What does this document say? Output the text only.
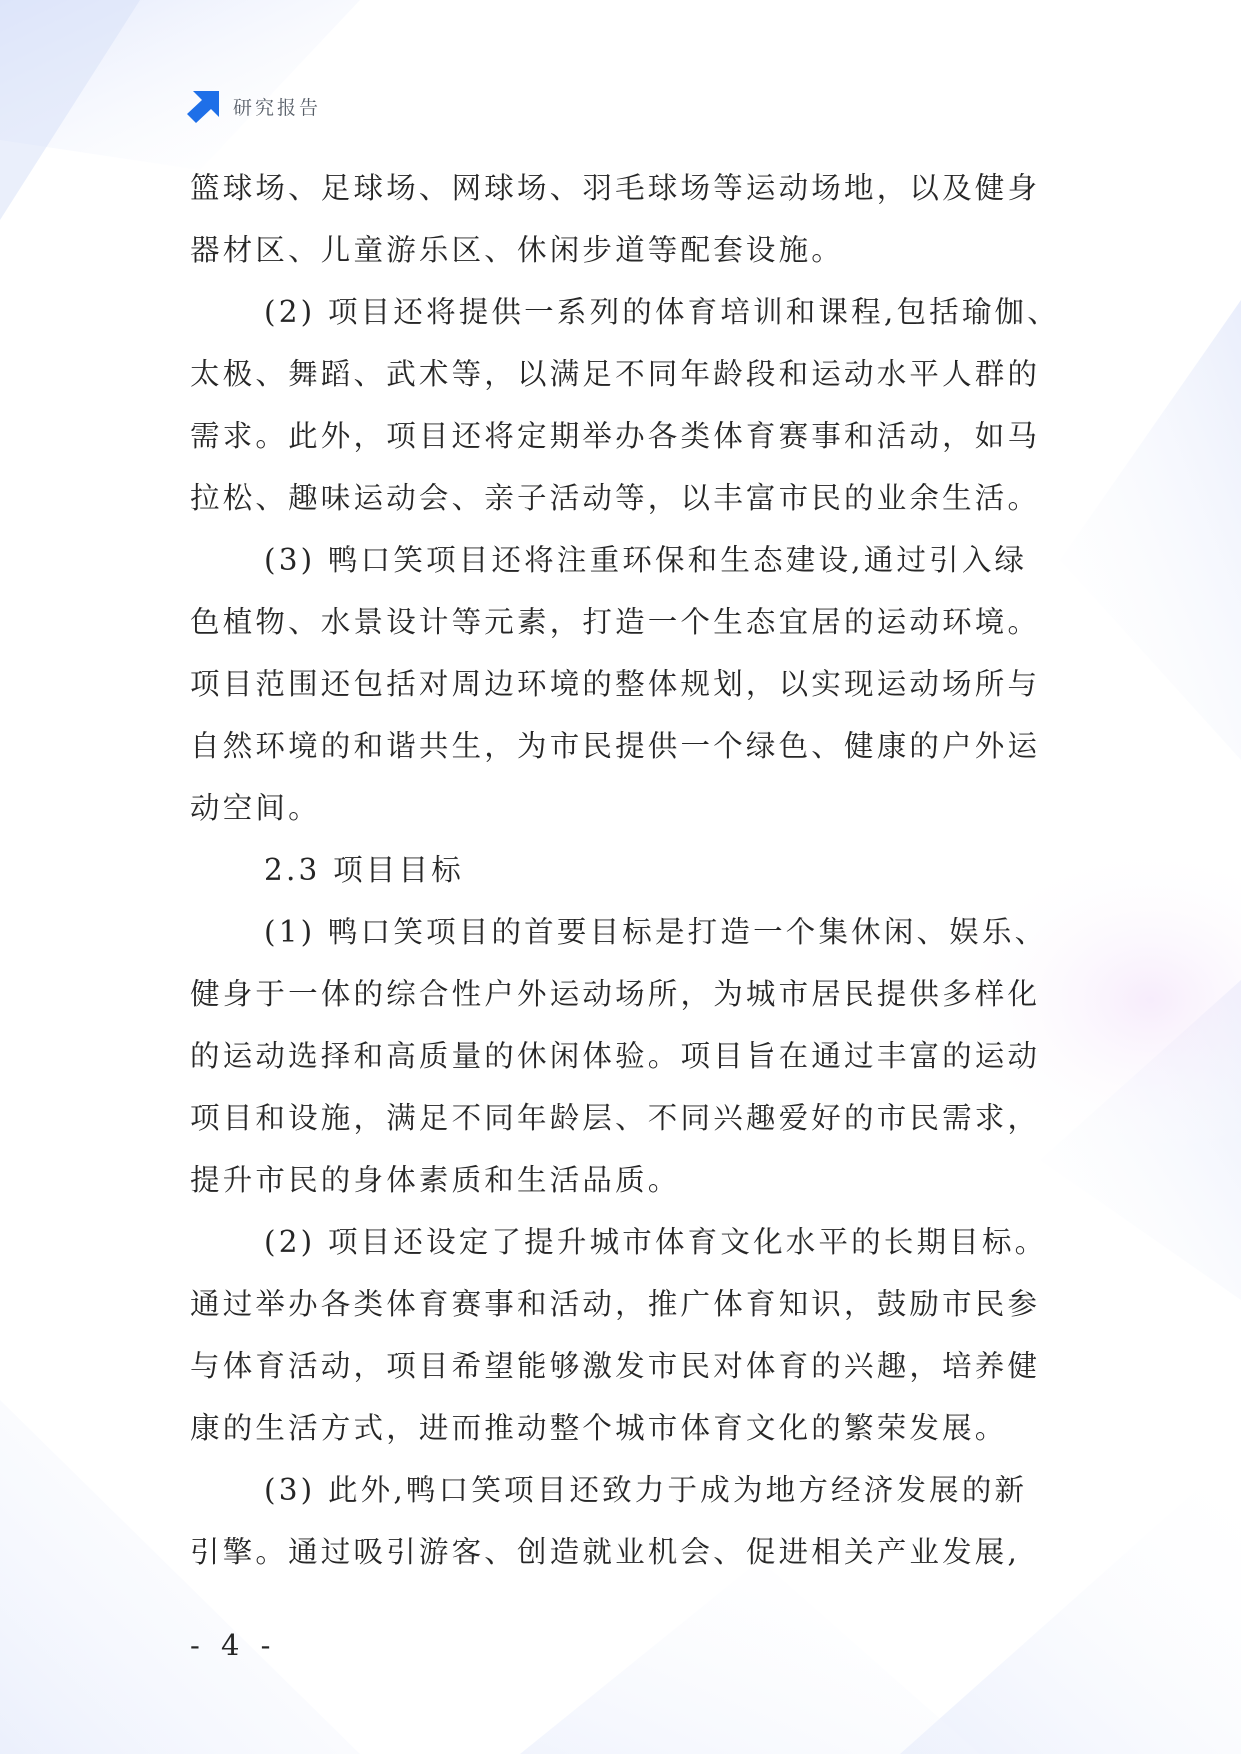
研究报告
篮球场、足球场、网球场、羽毛球场等运动场地，以及健身
器材区、儿童游乐区、休闲步道等配套设施。
(2) 项目还将提供一系列的体育培训和课程,包括瑜伽、
太极、舞蹈、武术等，以满足不同年龄段和运动水平人群的
需求。此外，项目还将定期举办各类体育赛事和活动，如马
拉松、趣味运动会、亲子活动等，以丰富市民的业余生活。
(3) 鸭口笑项目还将注重环保和生态建设,通过引入绿
色植物、水景设计等元素，打造一个生态宜居的运动环境。
项目范围还包括对周边环境的整体规划，以实现运动场所与
自然环境的和谐共生，为市民提供一个绿色、健康的户外运
动空间。
2.3 项目目标
(1) 鸭口笑项目的首要目标是打造一个集休闲、娱乐、
健身于一体的综合性户外运动场所，为城市居民提供多样化
的运动选择和高质量的休闲体验。项目旨在通过丰富的运动
项目和设施，满足不同年龄层、不同兴趣爱好的市民需求，
提升市民的身体素质和生活品质。
(2) 项目还设定了提升城市体育文化水平的长期目标。
通过举办各类体育赛事和活动，推广体育知识，鼓励市民参
与体育活动，项目希望能够激发市民对体育的兴趣，培养健
康的生活方式，进而推动整个城市体育文化的繁荣发展。
(3) 此外,鸭口笑项目还致力于成为地方经济发展的新
引擎。通过吸引游客、创造就业机会、促进相关产业发展,
- 4 -
